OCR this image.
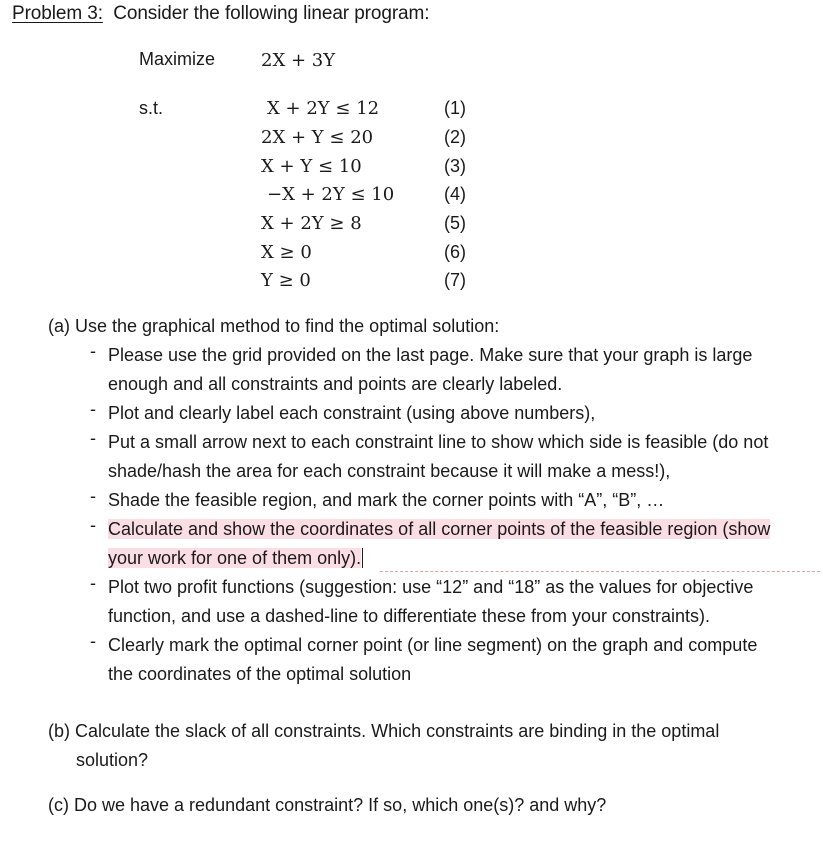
Problem 3: Consider the following linear program:
Maximize	2X + 3Y
s.t.	X + 2Y ≤ 12
2X + Y ≤ 20
X + Y ≤ 10
−X + 2Y ≤ 10
X + 2Y ≥ 8
X ≥ 0
Y ≥ 0
(1)
(2)
(3)
(4)
(5)
(6)
(7)
(a) Use the graphical method to find the optimal solution:
- Please use the grid provided on the last page. Make sure that your graph is large
enough and all constraints and points are clearly labeled.
- Plot and clearly label each constraint (using above numbers),
- Put a small arrow next to each constraint line to show which side is feasible (do not
shade/hash the area for each constraint because it will make a mess!),
- Shade the feasible region, and mark the corner points with “A”, “B”, …
- Calculate and show the coordinates of all corner points of the feasible region (show
your work for one of them only).
- Plot two profit functions (suggestion: use “12” and “18” as the values for objective
function, and use a dashed-line to differentiate these from your constraints).
- Clearly mark the optimal corner point (or line segment) on the graph and compute
the coordinates of the optimal solution
(b) Calculate the slack of all constraints. Which constraints are binding in the optimal
solution?
(c) Do we have a redundant constraint? If so, which one(s)? and why?
